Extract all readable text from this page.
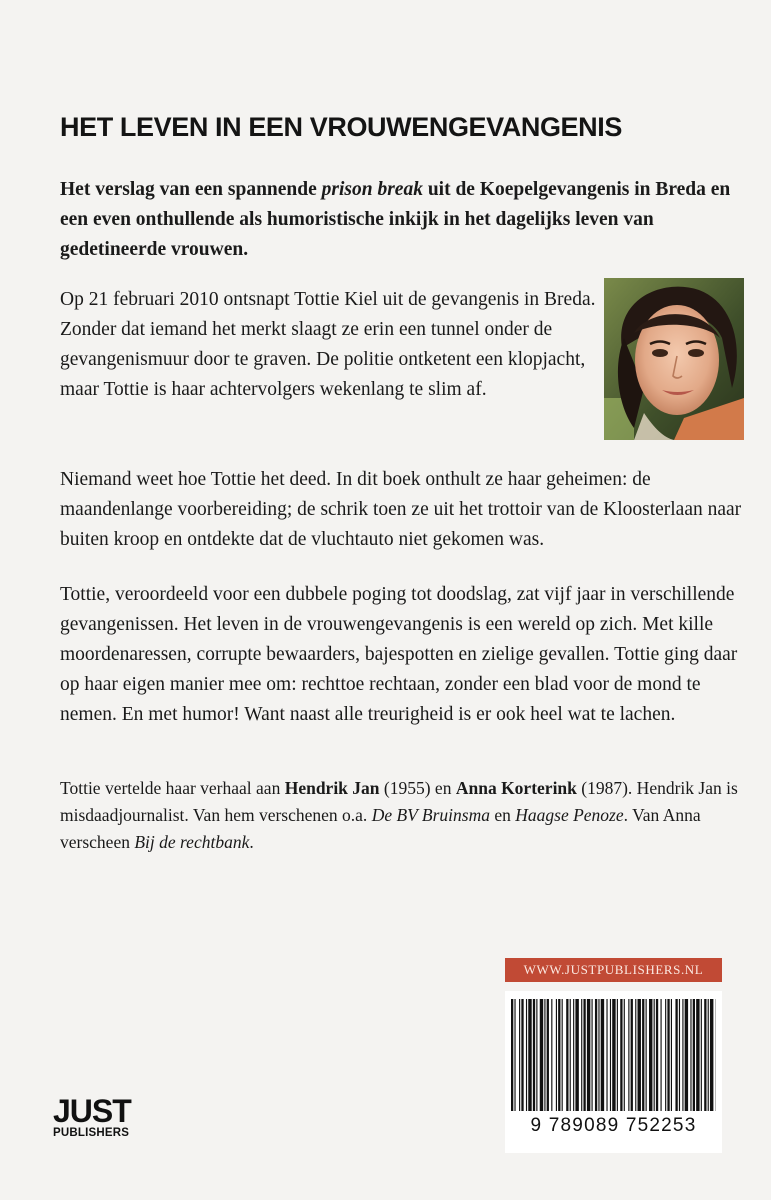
HET LEVEN IN EEN VROUWENGEVANGENIS

Het verslag van een spannende prison break uit de Koepelgevangenis in Breda en een even onthullende als humoristische inkijk in het dagelijks leven van gedetineerde vrouwen.

Op 21 februari 2010 ontsnapt Tottie Kiel uit de gevangenis in Breda. Zonder dat iemand het merkt slaagt ze erin een tunnel onder de gevangenismuur door te graven. De politie ontketent een klopjacht, maar Tottie is haar achtervolgers wekenlang te slim af.

Niemand weet hoe Tottie het deed. In dit boek onthult ze haar geheimen: de maandenlange voorbereiding; de schrik toen ze uit het trottoir van de Kloosterlaan naar buiten kroop en ontdekte dat de vluchtauto niet gekomen was.

Tottie, veroordeeld voor een dubbele poging tot doodslag, zat vijf jaar in verschillende gevangenissen. Het leven in de vrouwengevangenis is een wereld op zich. Met kille moordenaressen, corrupte bewaarders, bajespotten en zielige gevallen. Tottie ging daar op haar eigen manier mee om: rechttoe rechtaan, zonder een blad voor de mond te nemen. En met humor! Want naast alle treurigheid is er ook heel wat te lachen.

Tottie vertelde haar verhaal aan Hendrik Jan (1955) en Anna Korterink (1987). Hendrik Jan is misdaadjournalist. Van hem verschenen o.a. De BV Bruinsma en Haagse Penoze. Van Anna verscheen Bij de rechtbank.

WWW.JUSTPUBLISHERS.NL
9 789089 752253
JUST
PUBLISHERS
